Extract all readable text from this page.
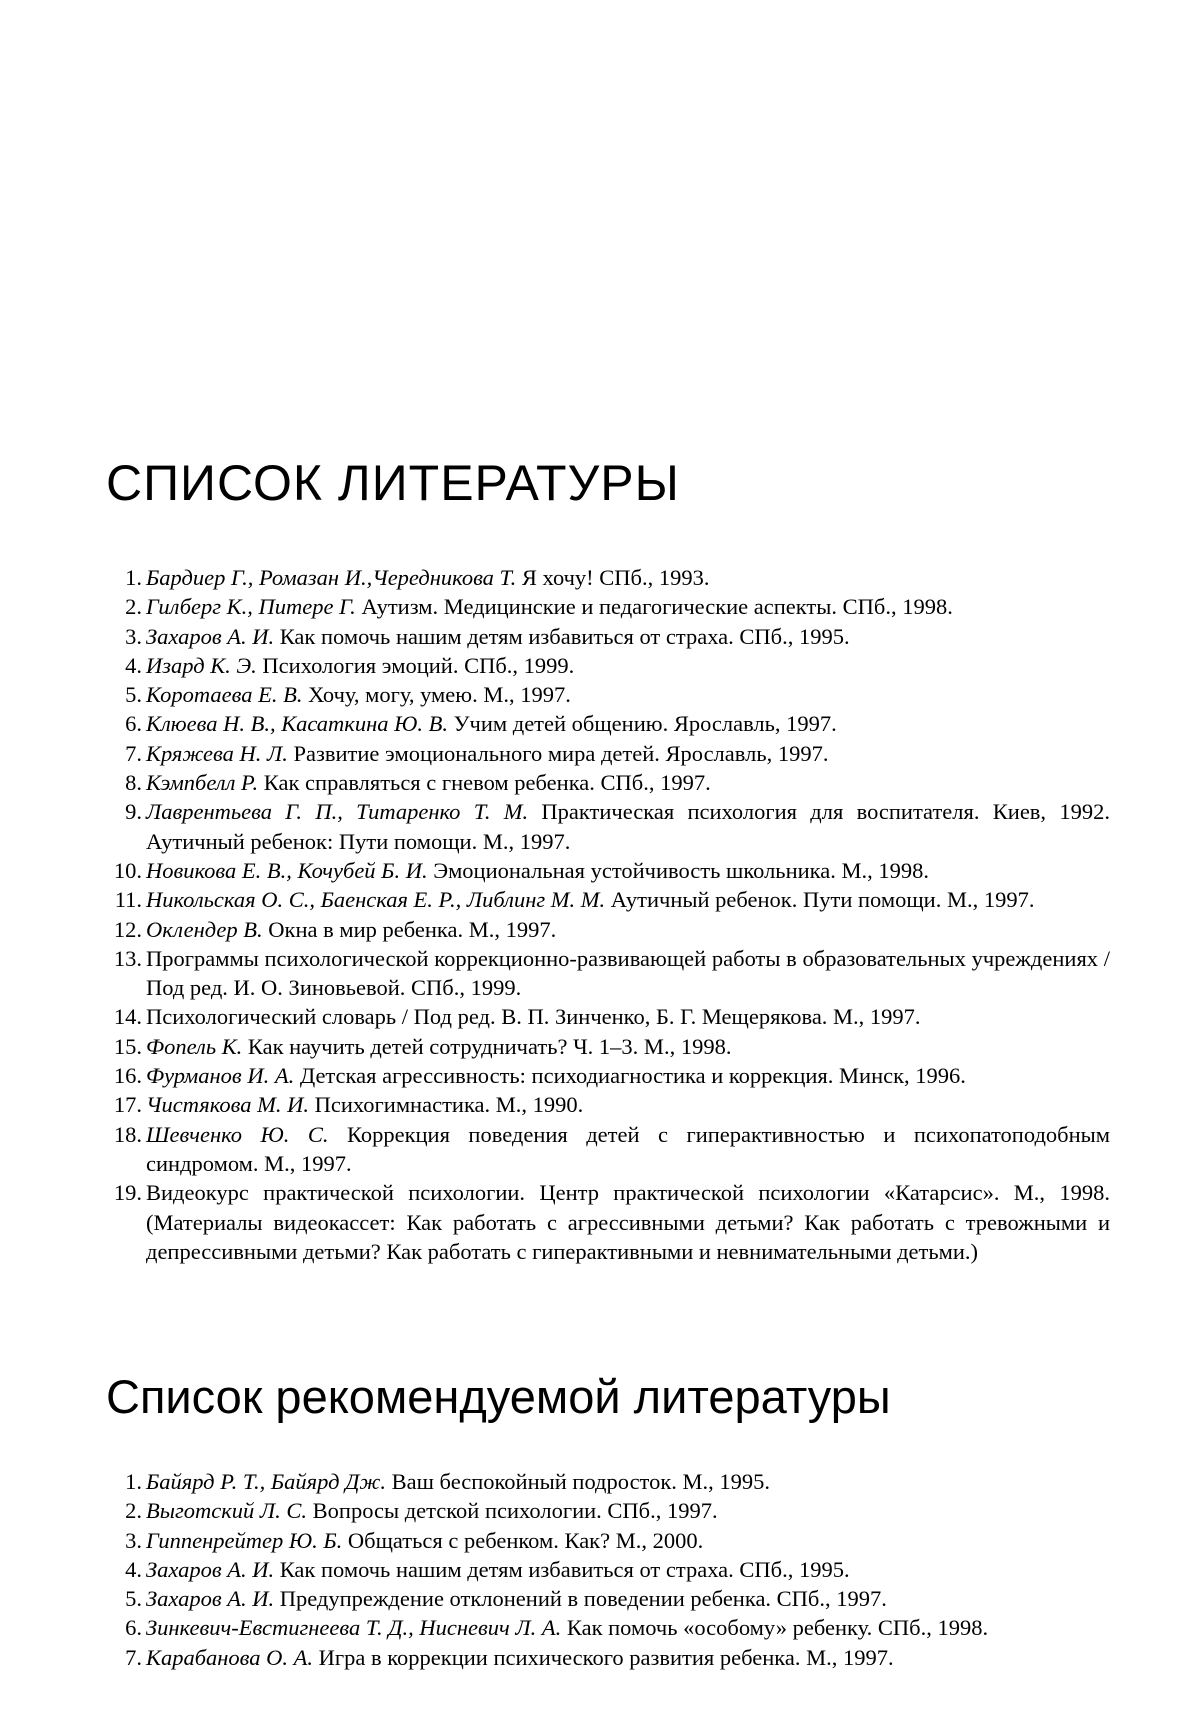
СПИСОК ЛИТЕРАТУРЫ
1. Бардиер Г., Ромазан И.,Чередникова Т. Я хочу! СПб., 1993.
2. Гилберг К., Питере Г. Аутизм. Медицинские и педагогические аспекты. СПб., 1998.
3. Захаров А. И. Как помочь нашим детям избавиться от страха. СПб., 1995.
4. Изард К. Э. Психология эмоций. СПб., 1999.
5. Коротаева Е. В. Хочу, могу, умею. М., 1997.
6. Клюева Н. В., Касаткина Ю. В. Учим детей общению. Ярославль, 1997.
7. Кряжева Н. Л. Развитие эмоционального мира детей. Ярославль, 1997.
8. Кэмпбелл Р. Как справляться с гневом ребенка. СПб., 1997.
9. Лаврентьева Г. П., Титаренко Т. М. Практическая психология для воспитателя. Киев, 1992. Аутичный ребенок: Пути помощи. М., 1997.
10. Новикова Е. В., Кочубей Б. И. Эмоциональная устойчивость школьника. М., 1998.
11. Никольская О. С., Баенская Е. Р., Либлинг М. М. Аутичный ребенок. Пути помощи. М., 1997.
12. Оклендер В. Окна в мир ребенка. М., 1997.
13. Программы психологической коррекционно-развивающей работы в образовательных учреждениях / Под ред. И. О. Зиновьевой. СПб., 1999.
14. Психологический словарь / Под ред. В. П. Зинченко, Б. Г. Мещерякова. М., 1997.
15. Фопель К. Как научить детей сотрудничать? Ч. 1–3. М., 1998.
16. Фурманов И. А. Детская агрессивность: психодиагностика и коррекция. Минск, 1996.
17. Чистякова М. И. Психогимнастика. М., 1990.
18. Шевченко Ю. С. Коррекция поведения детей с гиперактивностью и психопатоподобным синдромом. М., 1997.
19. Видеокурс практической психологии. Центр практической психологии «Катарсис». М., 1998. (Материалы видеокассет: Как работать с агрессивными детьми? Как работать с тревожными и депрессивными детьми? Как работать с гиперактивными и невнимательными детьми.)
Список рекомендуемой литературы
1. Байярд Р. Т., Байярд Дж. Ваш беспокойный подросток. М., 1995.
2. Выготский Л. С. Вопросы детской психологии. СПб., 1997.
3. Гиппенрейтер Ю. Б. Общаться с ребенком. Как? М., 2000.
4. Захаров А. И. Как помочь нашим детям избавиться от страха. СПб., 1995.
5. Захаров А. И. Предупреждение отклонений в поведении ребенка. СПб., 1997.
6. Зинкевич-Евстигнеева Т. Д., Нисневич Л. А. Как помочь «особому» ребенку. СПб., 1998.
7. Карабанова О. А. Игра в коррекции психического развития ребенка. М., 1997.
